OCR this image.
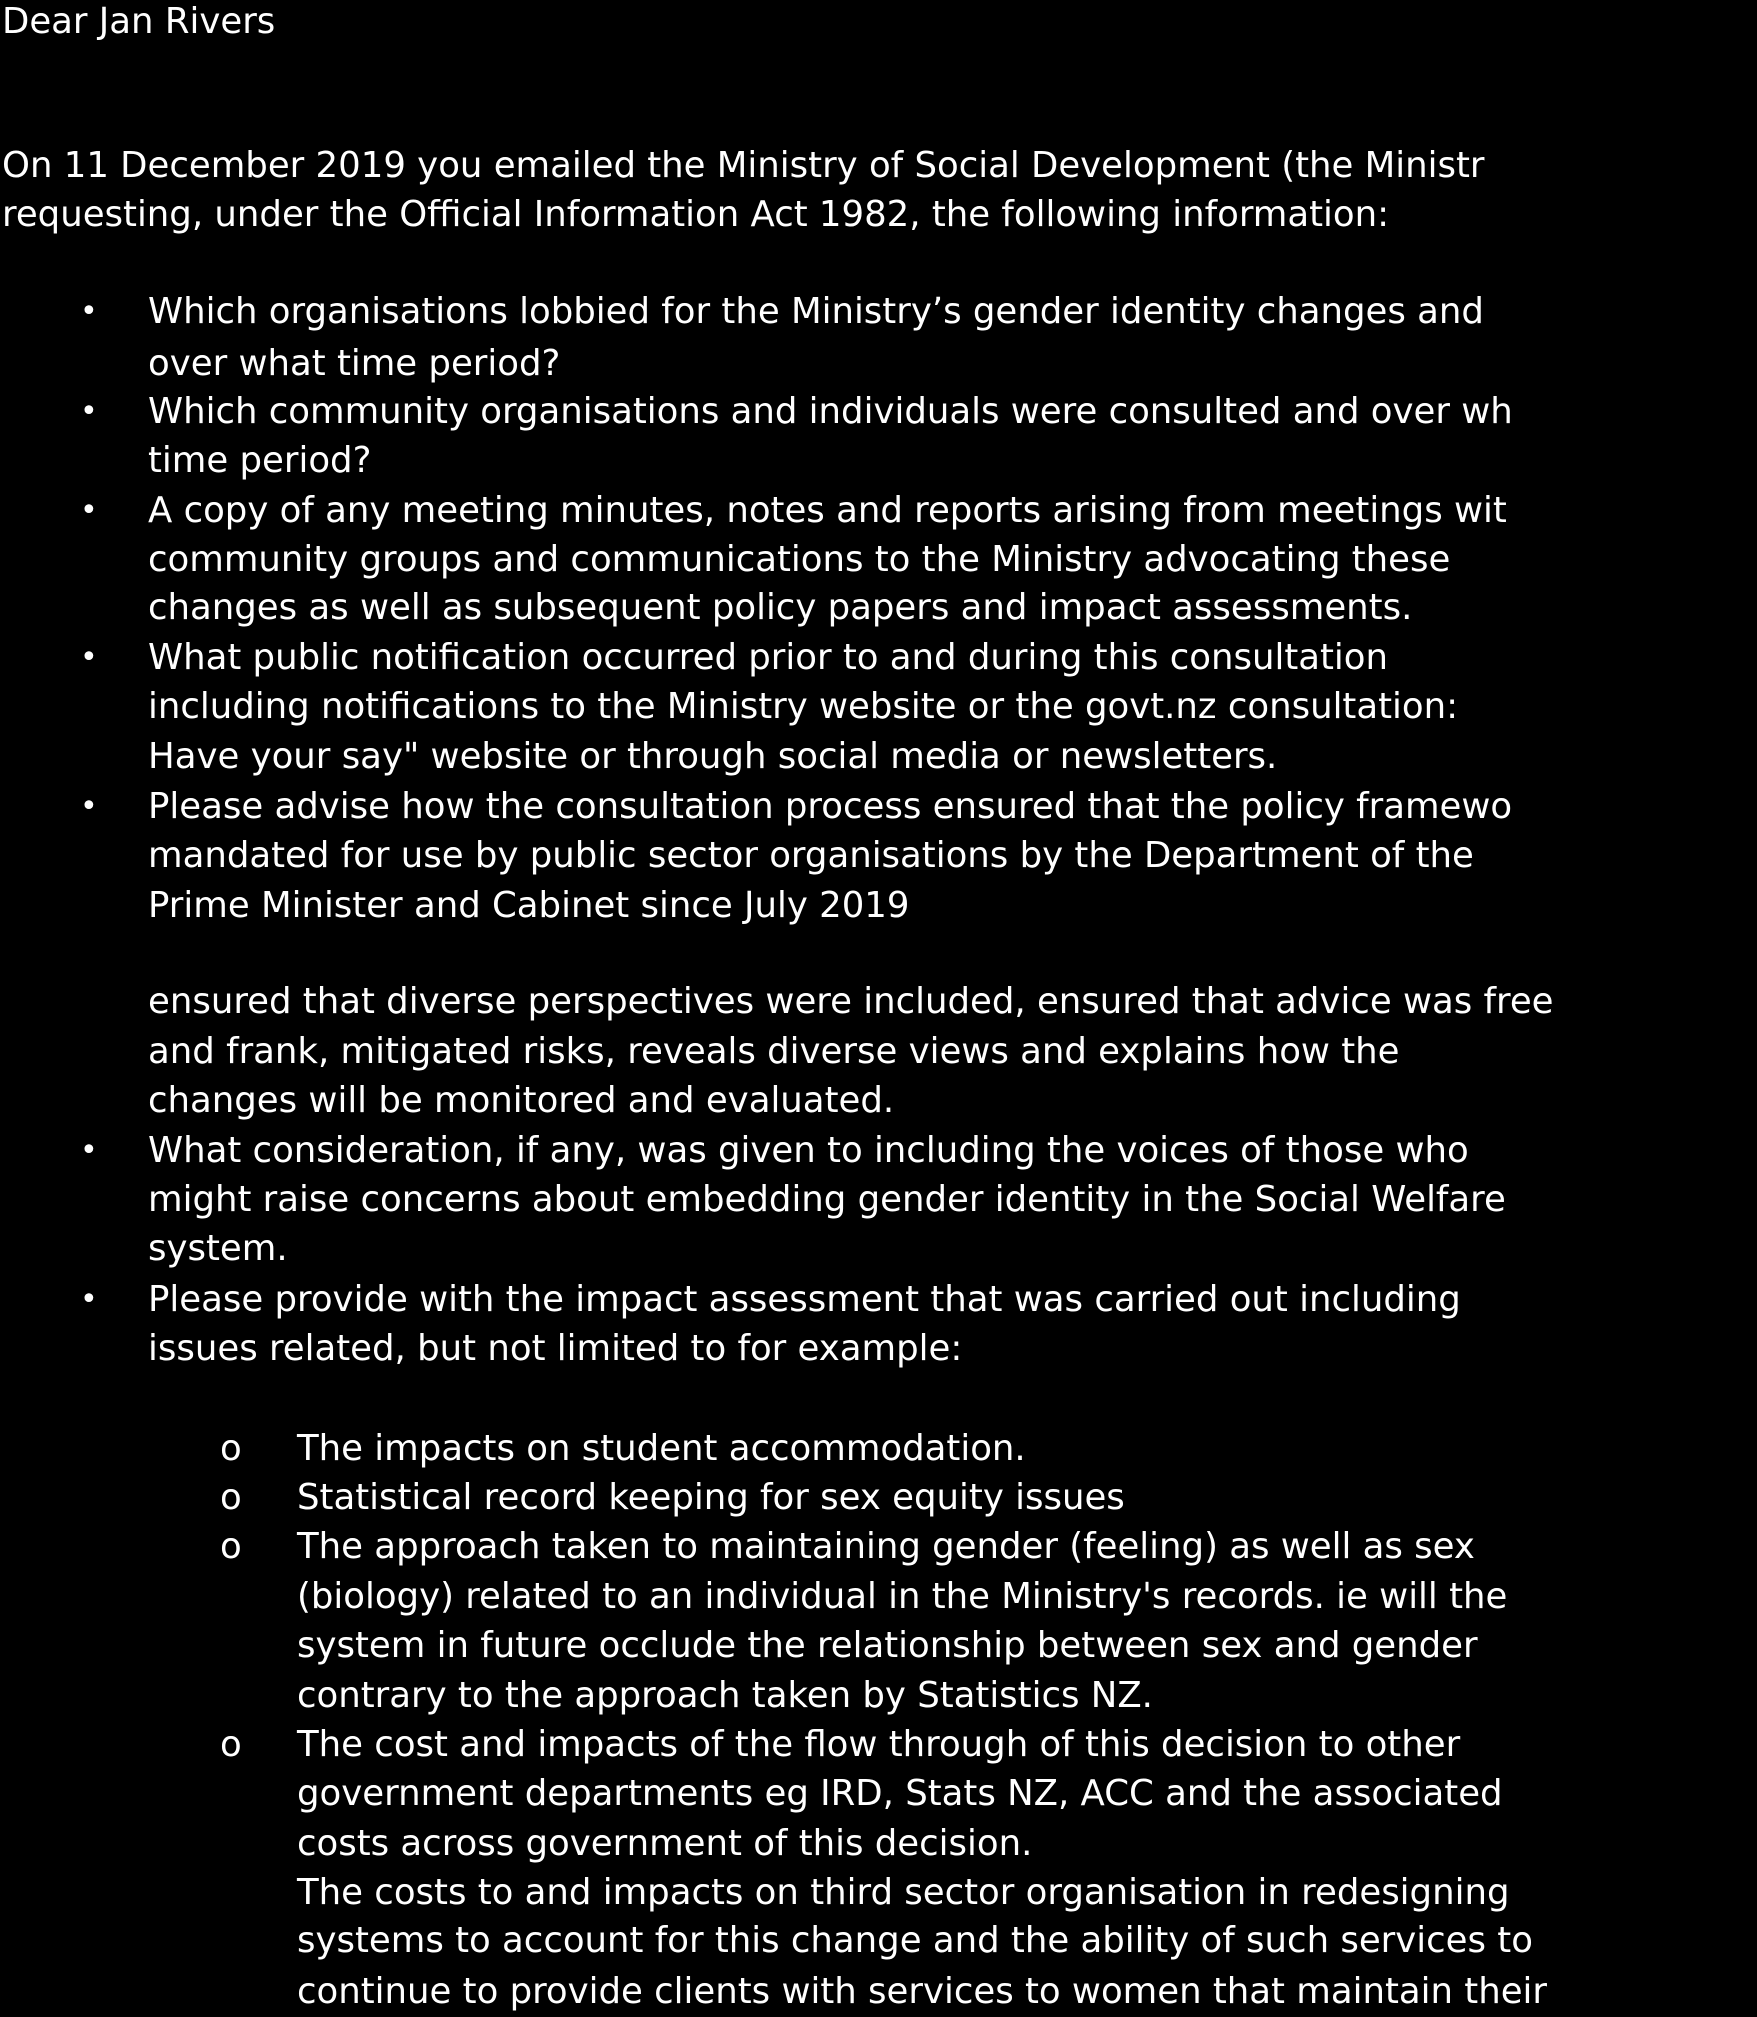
Dear Jan Rivers
On 11 December 2019 you emailed the Ministry of Social Development (the Ministr
requesting, under the Official Information Act 1982, the following information:
• Which organisations lobbied for the Ministry’s gender identity changes and
over what time period?
• Which community organisations and individuals were consulted and over wh
time period?
• A copy of any meeting minutes, notes and reports arising from meetings wit
community groups and communications to the Ministry advocating these
changes as well as subsequent policy papers and impact assessments.
• What public notification occurred prior to and during this consultation
including notifications to the Ministry website or the govt.nz consultation:
Have your say" website or through social media or newsletters.
• Please advise how the consultation process ensured that the policy framewo
mandated for use by public sector organisations by the Department of the
Prime Minister and Cabinet since July 2019
ensured that diverse perspectives were included, ensured that advice was free
and frank, mitigated risks, reveals diverse views and explains how the
changes will be monitored and evaluated.
• What consideration, if any, was given to including the voices of those who
might raise concerns about embedding gender identity in the Social Welfare
system.
• Please provide with the impact assessment that was carried out including
issues related, but not limited to for example:
o The impacts on student accommodation.
o Statistical record keeping for sex equity issues
o The approach taken to maintaining gender (feeling) as well as sex
(biology) related to an individual in the Ministry's records. ie will the
system in future occlude the relationship between sex and gender
contrary to the approach taken by Statistics NZ.
o The cost and impacts of the flow through of this decision to other
government departments eg IRD, Stats NZ, ACC and the associated
costs across government of this decision.
The costs to and impacts on third sector organisation in redesigning
systems to account for this change and the ability of such services to
continue to provide clients with services to women that maintain their
